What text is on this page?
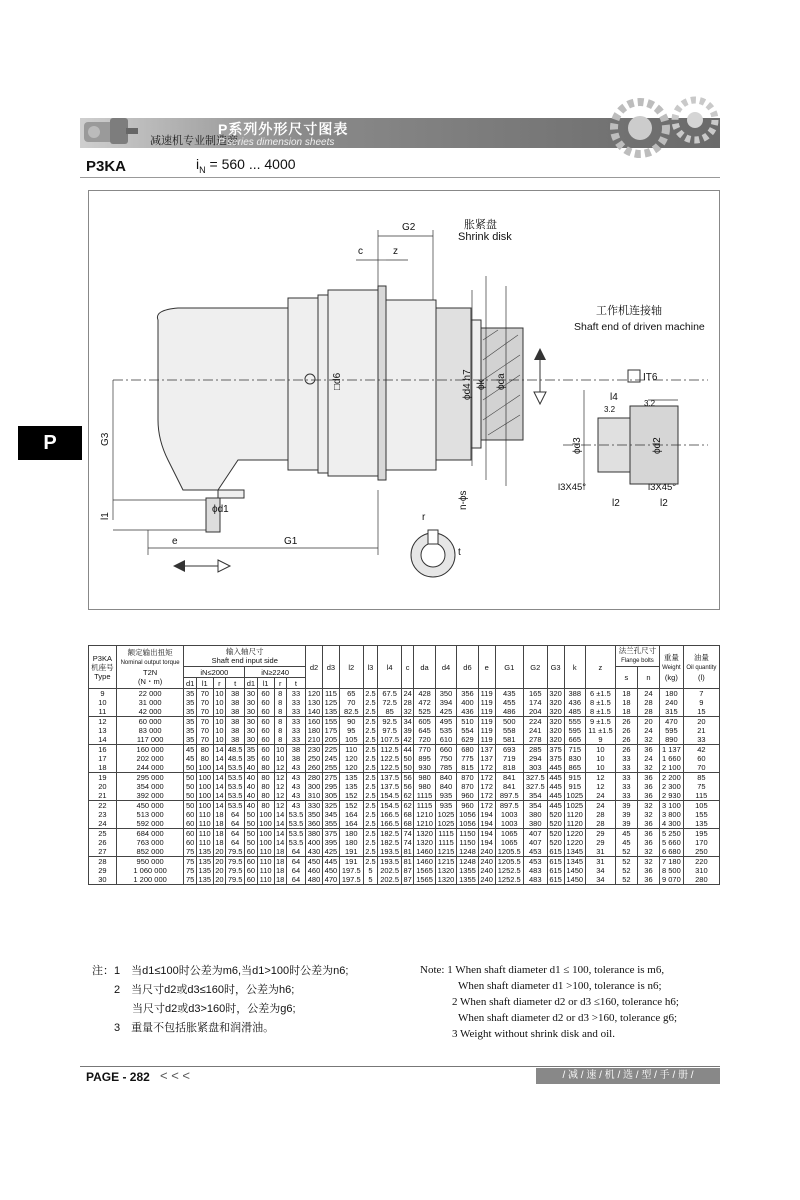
减速机专业制造商
P系列外形尺寸图表
P series dimension sheets
P3KA	$i_N = 560$ ... 4000
P
胀紧盘
Shrink disk
工作机连接轴
Shaft end of driven machine
G2
c	z
□d6	ϕd4 h7 ϕk ϕda
G3
l1
ϕd1
e	G1
n-ϕs
r
t
IT6
l4
3.2
3.2
ϕd3	ϕd2
l3X45°	l3X45°
l2	l2
P3KA
机座号
Type	额定输出扭矩
Nominal output torque
T2N
(N・m)	输入轴尺寸
Shaft end input side								d2	d3	l2	l3	l4	c	da	d4	d6	e	G1	G2	G3	k	z	法兰孔尺寸
Flange bolts		重量
Weight
(kg)	油量
Oil quantity
(l)
		iN≤2000				iN≥2240																			s	n		
		d1	l1	r	t	d1	l1	r	t																			
9	22 000	35	70	10	38	30	60	8	33	120	115	65	2.5	67.5	24	428	350	356	119	435	165	320	388	6 ±1.5	18	24	180	7
10	31 000	35	70	10	38	30	60	8	33	130	125	70	2.5	72.5	28	472	394	400	119	455	174	320	436	8 ±1.5	18	28	240	9
11	42 000	35	70	10	38	30	60	8	33	140	135	82.5	2.5	85	32	525	425	436	119	486	204	320	485	8 ±1.5	18	28	315	15
12	60 000	35	70	10	38	30	60	8	33	160	155	90	2.5	92.5	34	605	495	510	119	500	224	320	555	9 ±1.5	26	20	470	20
13	83 000	35	70	10	38	30	60	8	33	180	175	95	2.5	97.5	39	645	535	554	119	558	241	320	595	11 ±1.5	26	24	595	21
14	117 000	35	70	10	38	30	60	8	33	210	205	105	2.5	107.5	42	720	610	629	119	581	278	320	665	9	26	32	890	33
16	160 000	45	80	14	48.5	35	60	10	38	230	225	110	2.5	112.5	44	770	660	680	137	693	285	375	715	10	26	36	1 137	42
17	202 000	45	80	14	48.5	35	60	10	38	250	245	120	2.5	122.5	50	895	750	775	137	719	294	375	830	10	33	24	1 660	60
18	244 000	50	100	14	53.5	40	80	12	43	260	255	120	2.5	122.5	50	930	785	815	172	818	303	445	865	10	33	32	2 100	70
19	295 000	50	100	14	53.5	40	80	12	43	280	275	135	2.5	137.5	56	980	840	870	172	841	327.5	445	915	12	33	36	2 200	85
20	354 000	50	100	14	53.5	40	80	12	43	300	295	135	2.5	137.5	56	980	840	870	172	841	327.5	445	915	12	33	36	2 300	75
21	392 000	50	100	14	53.5	40	80	12	43	310	305	152	2.5	154.5	62	1115	935	960	172	897.5	354	445	1025	24	33	36	2 930	115
22	450 000	50	100	14	53.5	40	80	12	43	330	325	152	2.5	154.5	62	1115	935	960	172	897.5	354	445	1025	24	39	32	3 100	105
23	513 000	60	110	18	64	50	100	14	53.5	350	345	164	2.5	166.5	68	1210	1025	1056	194	1003	380	520	1120	28	39	32	3 800	155
24	592 000	60	110	18	64	50	100	14	53.5	360	355	164	2.5	166.5	68	1210	1025	1056	194	1003	380	520	1120	28	39	36	4 300	135
25	684 000	60	110	18	64	50	100	14	53.5	380	375	180	2.5	182.5	74	1320	1115	1150	194	1065	407	520	1220	29	45	36	5 250	195
26	763 000	60	110	18	64	50	100	14	53.5	400	395	180	2.5	182.5	74	1320	1115	1150	194	1065	407	520	1220	29	45	36	5 660	170
27	852 000	75	135	20	79.5	60	110	18	64	430	425	191	2.5	193.5	81	1460	1215	1248	240	1205.5	453	615	1345	31	52	32	6 680	250
28	950 000	75	135	20	79.5	60	110	18	64	450	445	191	2.5	193.5	81	1460	1215	1248	240	1205.5	453	615	1345	31	52	32	7 180	220
29	1 060 000	75	135	20	79.5	60	110	18	64	460	450	197.5	5	202.5	87	1565	1320	1355	240	1252.5	483	615	1450	34	52	36	8 500	310
30	1 200 000	75	135	20	79.5	60	110	18	64	480	470	197.5	5	202.5	87	1565	1320	1355	240	1252.5	483	615	1450	34	52	36	9 070	280
注：1　当d1≤100时公差为m6,当d1>100时公差为n6;
2　当尺寸d2或d3≤160时，公差为h6;
当尺寸d2或d3>160时，公差为g6;
3　重量不包括胀紧盘和润滑油。
Note: 1 When shaft diameter d1 ≤ 100, tolerance is m6,
When shaft diameter d1 >100, tolerance is n6;
2 When shaft diameter d2 or d3 ≤160, tolerance h6;
When shaft diameter d2 or d3 >160, tolerance g6;
3 Weight without shrink disk and oil.
PAGE - 282 < < <	/ 减 / 速 / 机 / 选 / 型 / 手 / 册 /
